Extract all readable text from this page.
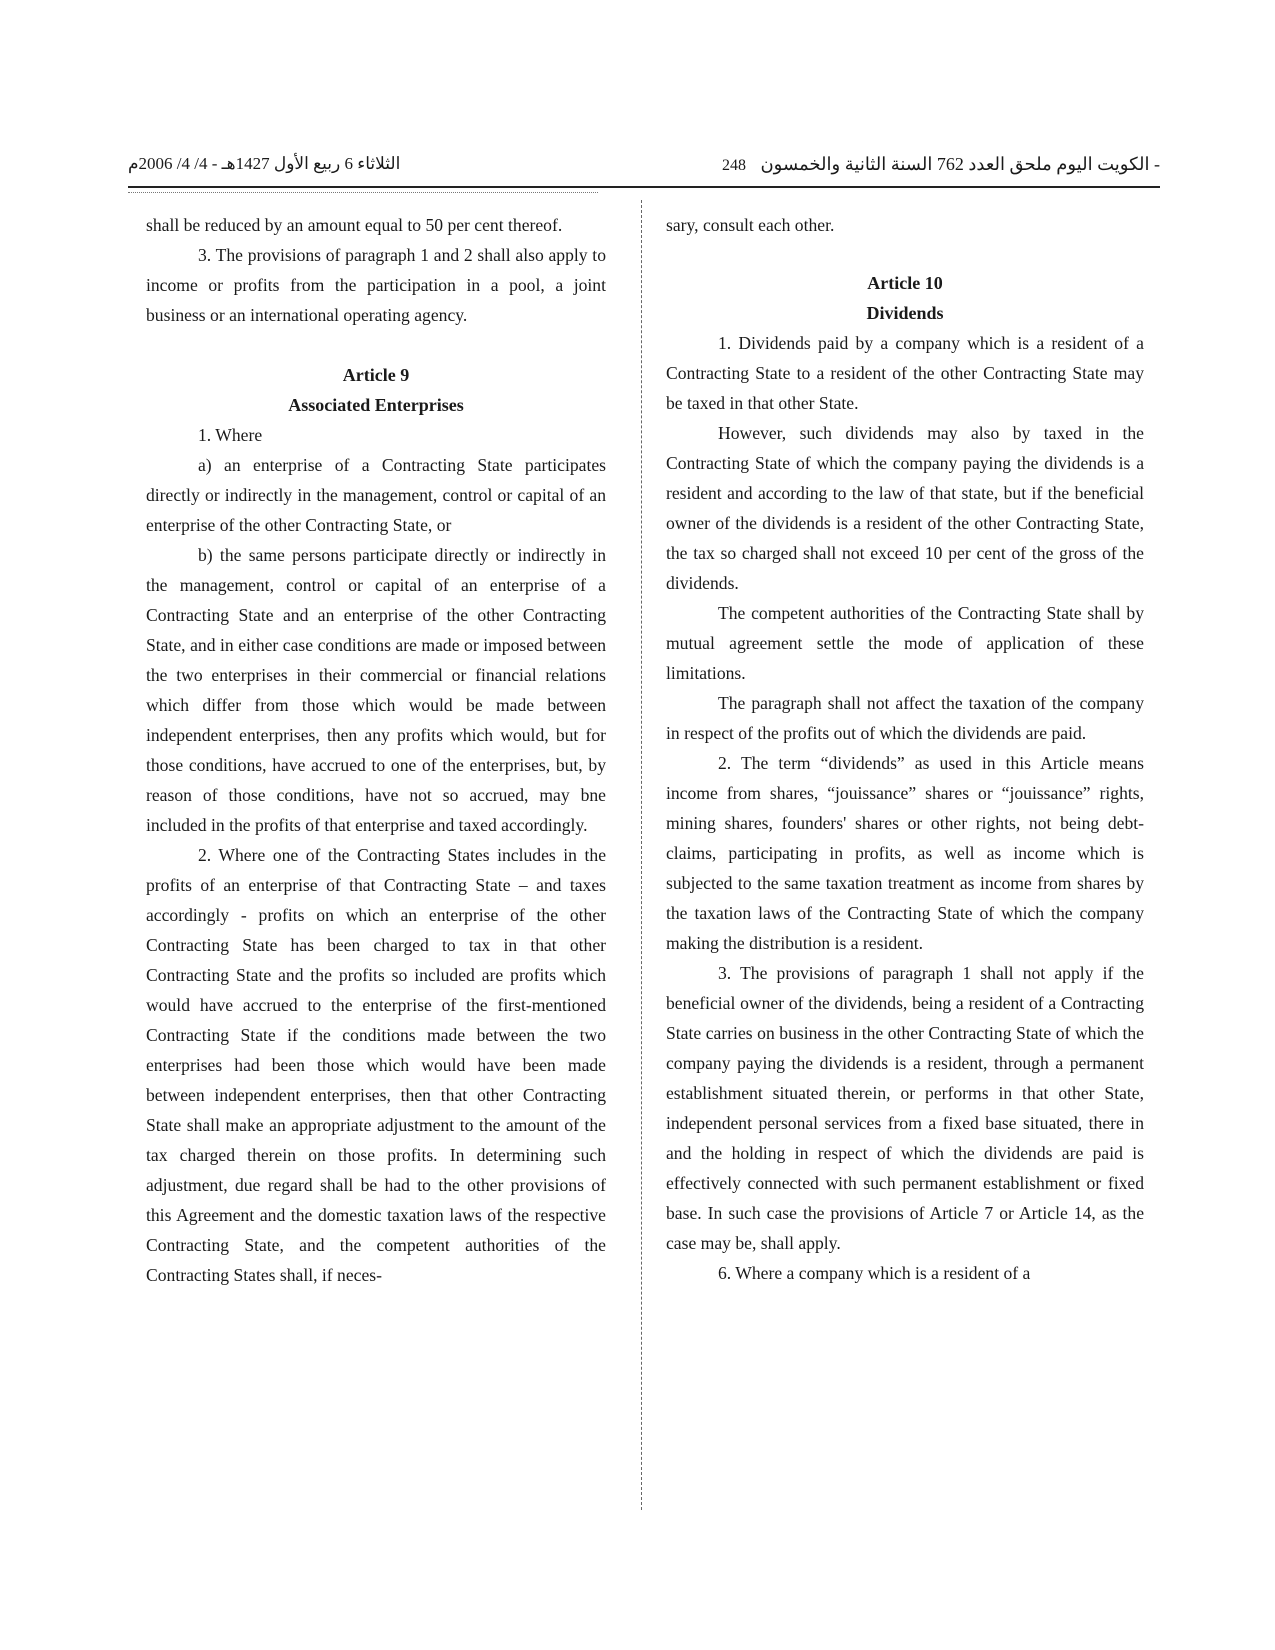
الثلاثاء 6 ربيع الأول 1427هـ - 4/ 4/ 2006م	248 الكويت اليوم ملحق العدد 762 السنة الثانية والخمسون -

shall be reduced by an amount equal to 50 per cent thereof.

3. The provisions of paragraph 1 and 2 shall also apply to income or profits from the participation in a pool, a joint business or an international operating agency.

Article 9

Associated Enterprises

1. Where

a) an enterprise of a Contracting State participates directly or indirectly in the management, control or capital of an enterprise of the other Contracting State, or

b) the same persons participate directly or indirectly in the management, control or capital of an enterprise of a Contracting State and an enterprise of the other Contracting State, and in either case conditions are made or imposed between the two enterprises in their commercial or financial relations which differ from those which would be made between independent enterprises, then any profits which would, but for those conditions, have accrued to one of the enterprises, but, by reason of those conditions, have not so accrued, may bne included in the profits of that enterprise and taxed accordingly.

2. Where one of the Contracting States includes in the profits of an enterprise of that Contracting State – and taxes accordingly - profits on which an enterprise of the other Contracting State has been charged to tax in that other Contracting State and the profits so included are profits which would have accrued to the enterprise of the first-mentioned Contracting State if the conditions made between the two enterprises had been those which would have been made between independent enterprises, then that other Contracting State shall make an appropriate adjustment to the amount of the tax charged therein on those profits. In determining such adjustment, due regard shall be had to the other provisions of this Agreement and the domestic taxation laws of the respective Contracting State, and the competent authorities of the Contracting States shall, if neces-

sary, consult each other.

Article 10

Dividends

1. Dividends paid by a company which is a resident of a Contracting State to a resident of the other Contracting State may be taxed in that other State.

However, such dividends may also by taxed in the Contracting State of which the company paying the dividends is a resident and according to the law of that state, but if the beneficial owner of the dividends is a resident of the other Contracting State, the tax so charged shall not exceed 10 per cent of the gross of the dividends.

The competent authorities of the Contracting State shall by mutual agreement settle the mode of application of these limitations.

The paragraph shall not affect the taxation of the company in respect of the profits out of which the dividends are paid.

2. The term “dividends” as used in this Article means income from shares, “jouissance” shares or “jouissance” rights, mining shares, founders' shares or other rights, not being debt-claims, participating in profits, as well as income which is subjected to the same taxation treatment as income from shares by the taxation laws of the Contracting State of which the company making the distribution is a resident.

3. The provisions of paragraph 1 shall not apply if the beneficial owner of the dividends, being a resident of a Contracting State carries on business in the other Contracting State of which the company paying the dividends is a resident, through a permanent establishment situated therein, or performs in that other State, independent personal services from a fixed base situated, there in and the holding in respect of which the dividends are paid is effectively connected with such permanent establishment or fixed base. In such case the provisions of Article 7 or Article 14, as the case may be, shall apply.

6. Where a company which is a resident of a
